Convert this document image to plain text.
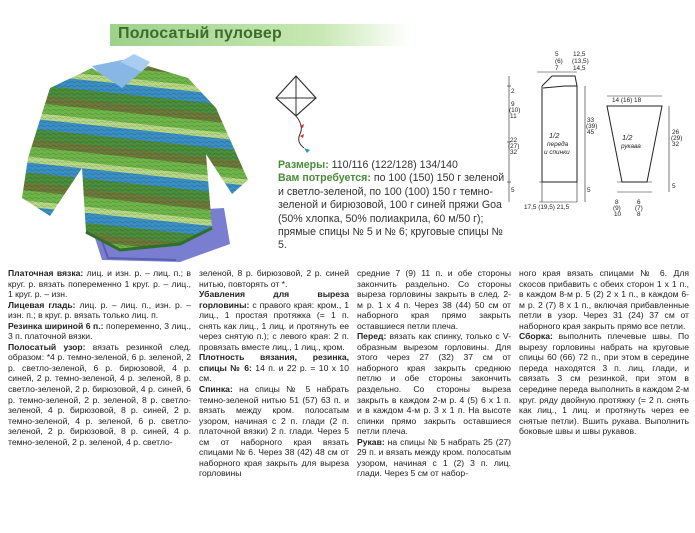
Полосатый пуловер
Размеры: 110/116 (122/128) 134/140
Вам потребуется: по 100 (150) 150 г зеленой и светло-зеленой, по 100 (100) 150 г темно-зеленой и бирюзовой, 100 г синей пряжи Goa (50% хлопка, 50% полиакрила, 60 м/50 г); прямые спицы № 5 и № 6; круговые спицы № 5.
5
(6)
7
12,5
(13,5)
14,5
2
9
(10)
11
22
(27)
32
5
33
(39)
45
5
1/2
переда
и спинки
17,5 (19,5) 21,5
14 (16) 18
1/2
рукава
26
(29)
32
5
8
(9)
10
6
(7)
8

Платочная вязка: лиц. и изн. р. – лиц. п.; в круг. р. вязать попеременно 1 круг. р. – лиц., 1 круг. р. – изн.

Лицевая гладь: лиц. р. – лиц. п., изн. р. – изн. п.; в круг. р. вязать только лиц. п.

Резинка шириной 6 п.: попеременно, 3 лиц., 3 п. платочной вязки.

Полосатый узор: вязать резинкой след. образом: *4 р. темно-зеленой, 6 р. зеленой, 2 р. светло-зеленой, 6 р. бирюзовой, 4 р. синей, 2 р. темно-зеленой, 4 р. зеленой, 8 р. светло-зеленой, 2 р. бирюзовой, 4 р. синей, 6 р. темно-зеленой, 2 р. зеленой, 8 р. светло-зеленой, 4 р. бирюзовой, 8 р. синей, 2 р. темно-зеленой, 4 р. зеленой, 6 р. светло-зеленой, 2 р. бирюзовой, 8 р. синей, 4 р. темно-зеленой, 2 р. зеленой, 4 р. светло-

зеленой, 8 р. бирюзовой, 2 р. синей нитью, повторять от *.

Убавления для выреза горловины: с правого края: кром., 1 лиц., 1 простая протяжка (= 1 п. снять как лиц., 1 лиц. и протянуть ее через снятую п.); с левого края: 2 п. провязать вместе лиц., 1 лиц., кром.

Плотность вязания, резинка, спицы № 6: 14 п. и 22 р. = 10 х 10 см.

Спинка: на спицы № 5 набрать темно-зеленой нитью 51 (57) 63 п. и вязать между кром. полосатым узором, начиная с 2 п. глади (2 п. платочной вязки) 2 п. глади. Через 5 см от наборного края вязать спицами № 6. Через 38 (42) 48 см от наборного края закрыть для выреза горловины

средние 7 (9) 11 п. и обе стороны закончить раздельно. Со стороны выреза горловины закрыть в след. 2-м р. 1 х 4 п. Через 38 (44) 50 см от наборного края прямо закрыть оставшиеся петли плеча.

Перед: вязать как спинку, только с V-образным вырезом горловины. Для этого через 27 (32) 37 см от наборного края закрыть среднюю петлю и обе стороны закончить раздельно. Со стороны выреза закрыть в каждом 2-м р. 4 (5) 6 х 1 п. и в каждом 4-м р. 3 х 1 п. На высоте спинки прямо закрыть оставшиеся петли плеча.

Рукав: на спицы № 5 набрать 25 (27) 29 п. и вязать между кром. полосатым узором, начиная с 1 (2) 3 п. лиц. глади. Через 5 см от набор-

ного края вязать спицами № 6. Для скосов прибавить с обеих сторон 1 х 1 п., в каждом 8-м р. 5 (2) 2 х 1 п., в каждом 6-м р. 2 (7) 8 х 1 п., включая прибавленные петли в узор. Через 31 (24) 37 см от наборного края закрыть прямо все петли.

Сборка: выполнить плечевые швы. По вырезу горловины набрать на круговые спицы 60 (66) 72 п., при этом в середине переда находятся 3 п. лиц. глади, и связать 3 см резинкой, при этом в середине переда выполнить в каждом 2-м круг. ряду двойную протяжку (= 2 п. снять как лиц., 1 лиц. и протянуть через ее снятые петли). Вшить рукава. Выполнить боковые швы и швы рукавов.
